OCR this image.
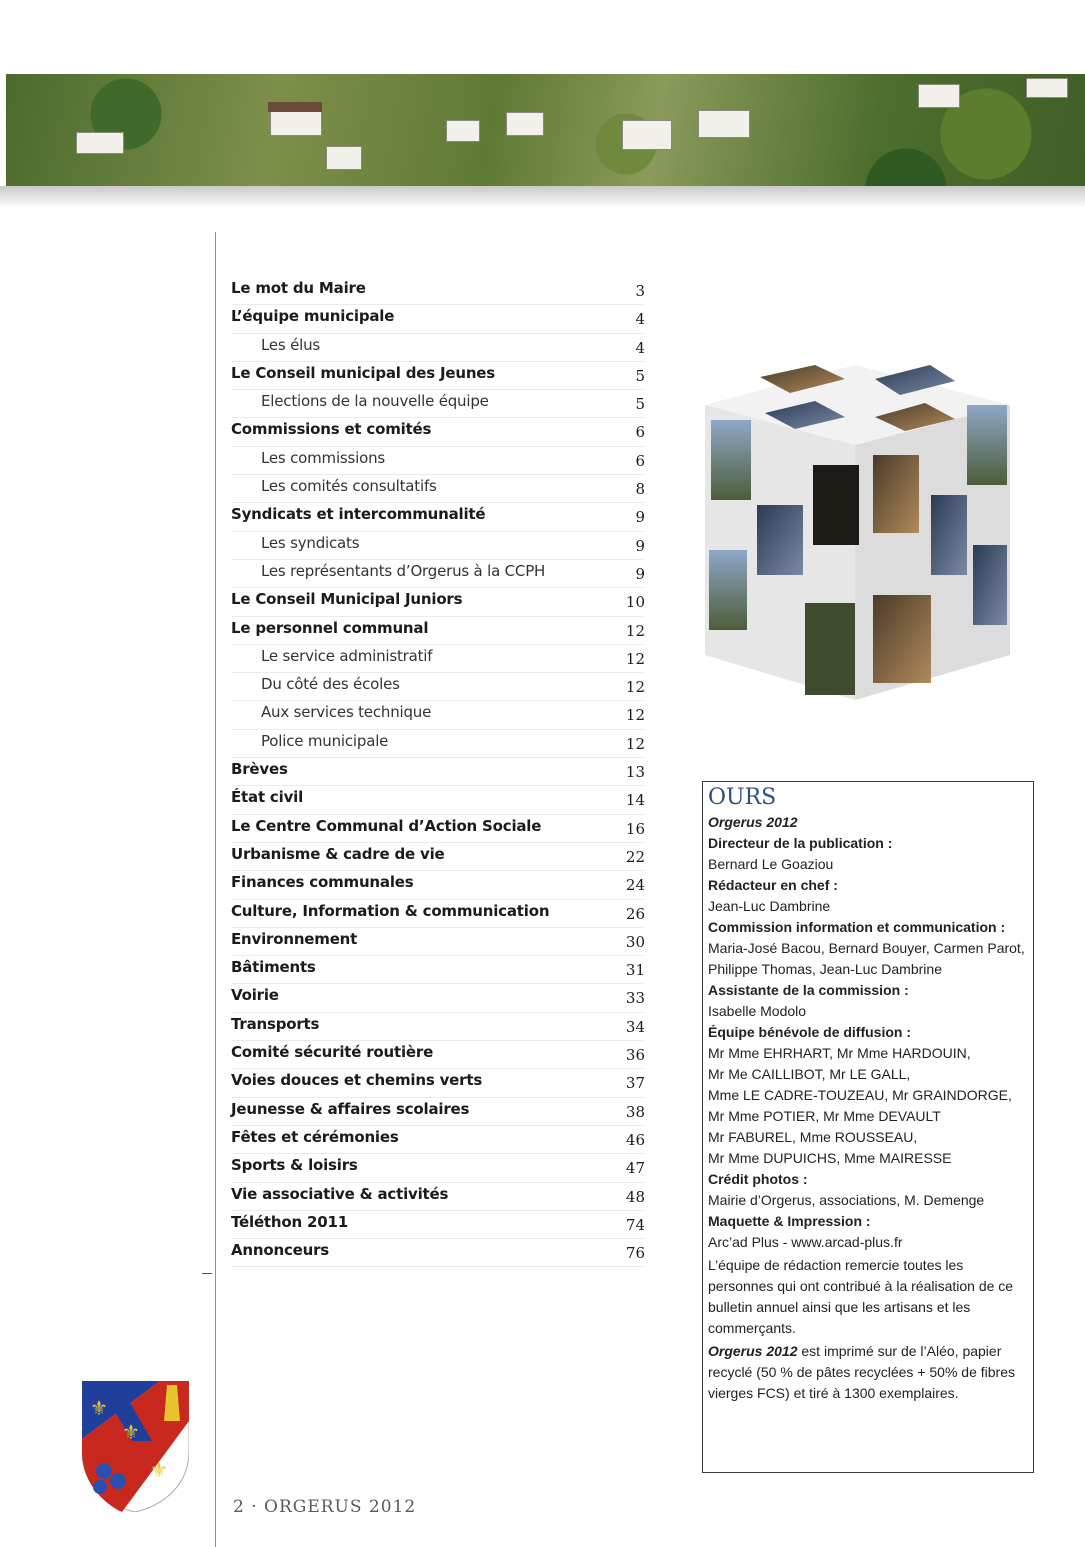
Le mot du Maire	3
L’équipe municipale	4
Les élus	4
Le Conseil municipal des Jeunes	5
Elections de la nouvelle équipe	5
Commissions et comités	6
Les commissions	6
Les comités consultatifs	8
Syndicats et intercommunalité	9
Les syndicats	9
Les représentants d’Orgerus à la CCPH	9
Le Conseil Municipal Juniors	10
Le personnel communal	12
Le service administratif	12
Du côté des écoles	12
Aux services technique	12
Police municipale	12
Brèves	13
État civil	14
Le Centre Communal d’Action Sociale	16
Urbanisme & cadre de vie	22
Finances communales	24
Culture, Information & communication	26
Environnement	30
Bâtiments	31
Voirie	33
Transports	34
Comité sécurité routière	36
Voies douces et chemins verts	37
Jeunesse & affaires scolaires	38
Fêtes et cérémonies	46
Sports & loisirs	47
Vie associative & activités	48
Téléthon 2011	74
Annonceurs	76
OURS
Orgerus 2012
Directeur de la publication :
Bernard Le Goaziou
Rédacteur en chef :
Jean-Luc Dambrine
Commission information et communication :
Maria-José Bacou, Bernard Bouyer, Carmen Parot,
Philippe Thomas, Jean-Luc Dambrine
Assistante de la commission :
Isabelle Modolo
Équipe bénévole de diffusion :
Mr Mme EHRHART, Mr Mme HARDOUIN,
Mr Me CAILLIBOT, Mr LE GALL,
Mme LE CADRE-TOUZEAU, Mr GRAINDORGE,
Mr Mme POTIER, Mr Mme DEVAULT
Mr FABUREL, Mme ROUSSEAU,
Mr Mme DUPUICHS, Mme MAIRESSE
Crédit photos :
Mairie d’Orgerus, associations, M. Demenge
Maquette & Impression :
Arc’ad Plus - www.arcad-plus.fr
L’équipe de rédaction remercie toutes les personnes qui ont contribué à la réalisation de ce bulletin annuel ainsi que les artisans et les commerçants.
Orgerus 2012 est imprimé sur de l’Aléo, papier recyclé (50 % de pâtes recyclées + 50% de fibres vierges FCS) et tiré à 1300 exemplaires.
⚜
⚜
⚜
2 · ORGERUS 2012
